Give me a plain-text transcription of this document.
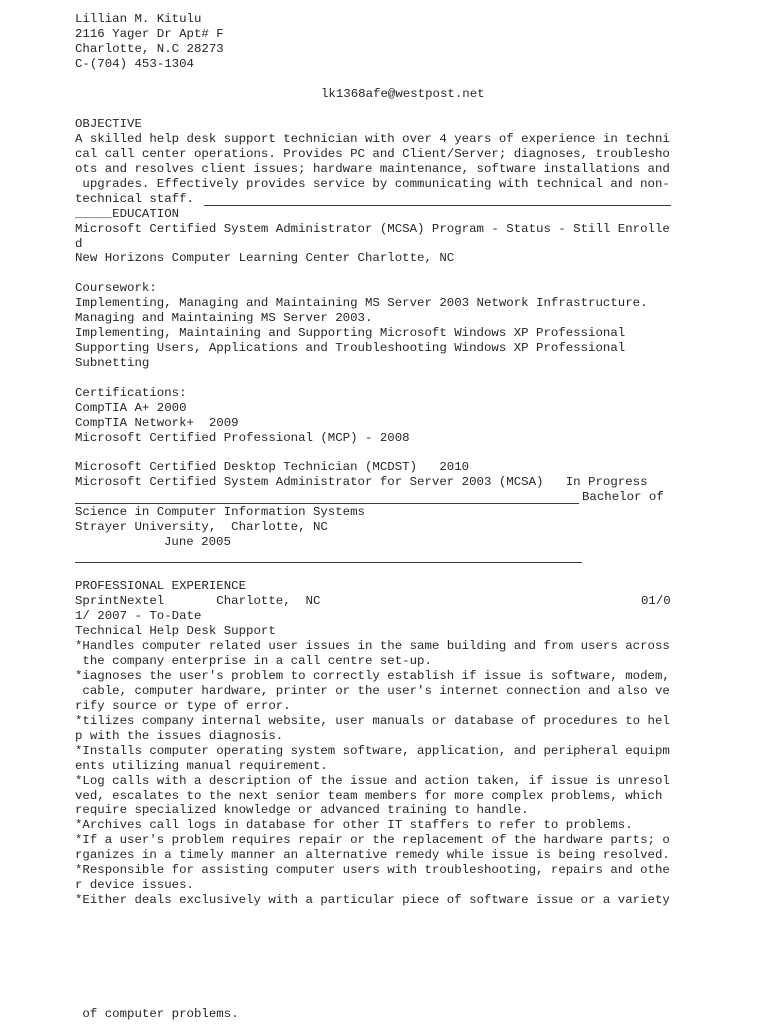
Lillian M. Kitulu

2116 Yager Dr Apt# F

Charlotte, N.C 28273

C-(704) 453-1304

lk1368afe@westpost.net

OBJECTIVE

A skilled help desk support technician with over 4 years of experience in techni

cal call center operations. Provides PC and Client/Server; diagnoses, troublesho

ots and resolves client issues; hardware maintenance, software installations and

upgrades. Effectively provides service by communicating with technical and non-

technical staff.

_____EDUCATION

Microsoft Certified System Administrator (MCSA) Program - Status - Still Enrolle

d

New Horizons Computer Learning Center Charlotte, NC

Coursework:

Implementing, Managing and Maintaining MS Server 2003 Network Infrastructure.

Managing and Maintaining MS Server 2003.

Implementing, Maintaining and Supporting Microsoft Windows XP Professional

Supporting Users, Applications and Troubleshooting Windows XP Professional

Subnetting

Certifications:

CompTIA A+ 2000

CompTIA Network+  2009

Microsoft Certified Professional (MCP) - 2008

Microsoft Certified Desktop Technician (MCDST)   2010

Microsoft Certified System Administrator for Server 2003 (MCSA)   In Progress

Bachelor of

Science in Computer Information Systems

Strayer University,  Charlotte, NC

June 2005

PROFESSIONAL EXPERIENCE

SprintNextel       Charlotte,  NC	01/0

1/ 2007 - To-Date

Technical Help Desk Support

*Handles computer related user issues in the same building and from users across

the company enterprise in a call centre set-up.

*iagnoses the user's problem to correctly establish if issue is software, modem,

cable, computer hardware, printer or the user's internet connection and also ve

rify source or type of error.

*tilizes company internal website, user manuals or database of procedures to hel

p with the issues diagnosis.

*Installs computer operating system software, application, and peripheral equipm

ents utilizing manual requirement.

*Log calls with a description of the issue and action taken, if issue is unresol

ved, escalates to the next senior team members for more complex problems, which

require specialized knowledge or advanced training to handle.

*Archives call logs in database for other IT staffers to refer to problems.

*If a user's problem requires repair or the replacement of the hardware parts; o

rganizes in a timely manner an alternative remedy while issue is being resolved.

*Responsible for assisting computer users with troubleshooting, repairs and othe

r device issues.

*Either deals exclusively with a particular piece of software issue or a variety

of computer problems.
